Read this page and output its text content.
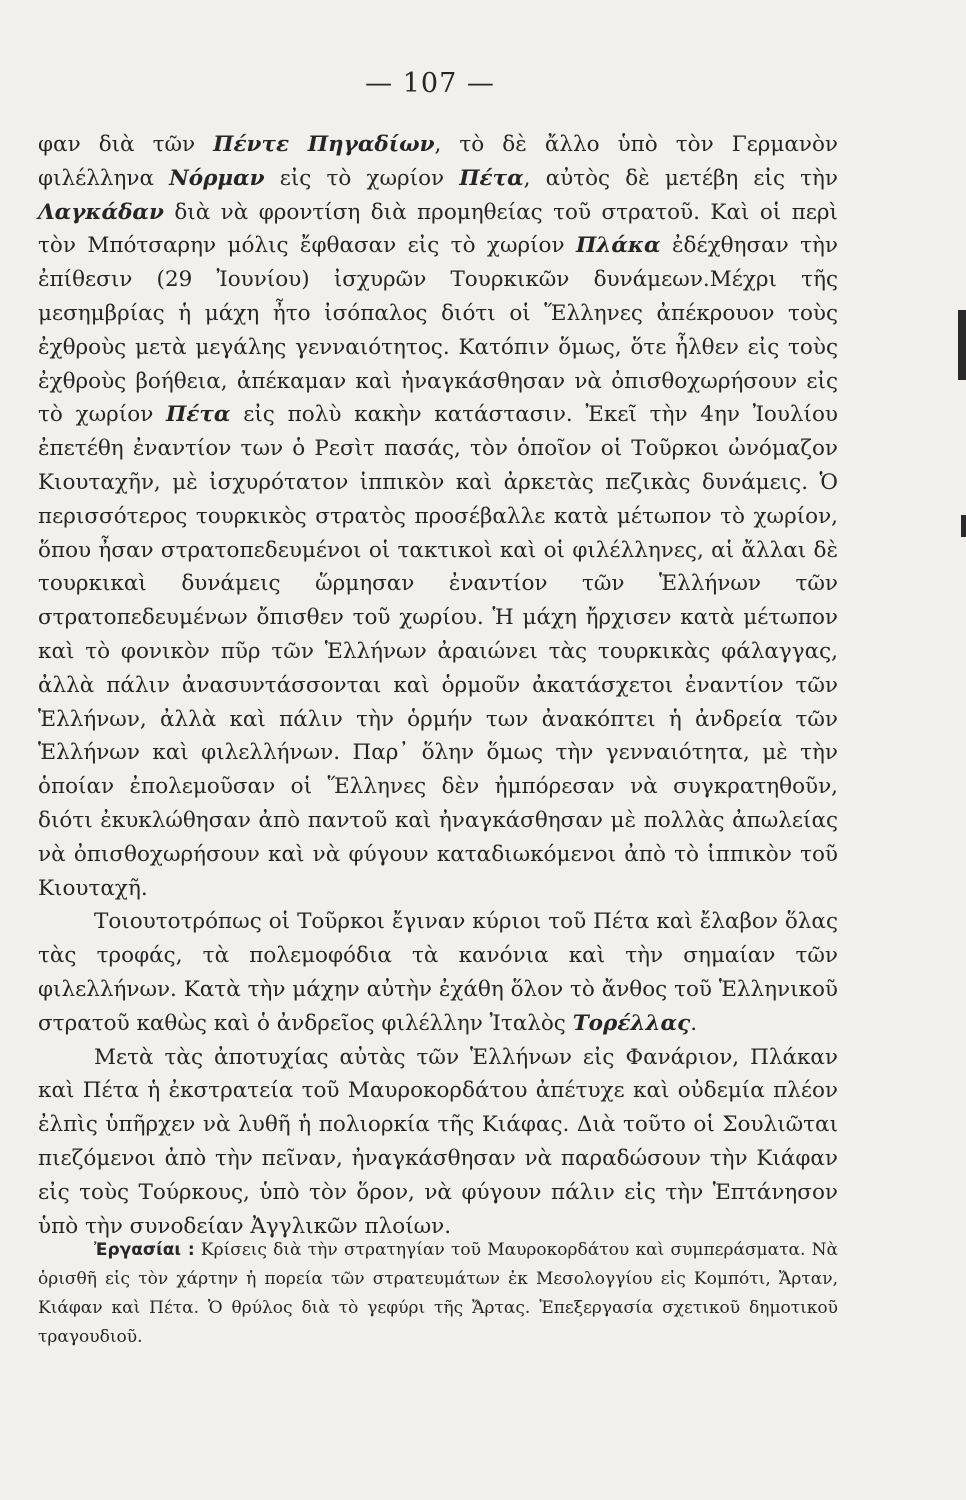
— 107 —

φαν διὰ τῶν Πέντε Πηγαδίων, τὸ δὲ ἄλλο ὑπὸ τὸν Γερμανὸν φιλέλληνα Νόρμαν εἰς τὸ χωρίον Πέτα, αὐτὸς δὲ μετέβη εἰς τὴν Λαγκάδαν διὰ νὰ φροντίση διὰ προμηθείας τοῦ στρατοῦ. Καὶ οἱ περὶ τὸν Μπότσαρην μόλις ἔφθασαν εἰς τὸ χωρίον Πλάκα ἐδέχθησαν τὴν ἐπίθεσιν (29 Ἰουνίου) ἰσχυρῶν Τουρκικῶν δυνάμεων.Μέχρι τῆς μεσημβρίας ἡ μάχη ἦτο ἰσόπαλος διότι οἱ Ἕλληνες ἀπέκρουον τοὺς ἐχθροὺς μετὰ μεγάλης γενναιότητος. Κατόπιν ὅμως, ὅτε ἦλθεν εἰς τοὺς ἐχθροὺς βοήθεια, ἀπέκαμαν καὶ ἠναγκάσθησαν νὰ ὀπισθοχωρήσουν εἰς τὸ χωρίον Πέτα εἰς πολὺ κακὴν κατάστασιν. Ἐκεῖ τὴν 4ην Ἰουλίου ἐπετέθη ἐναντίον των ὁ Ρεσὶτ πασάς, τὸν ὁποῖον οἱ Τοῦρκοι ὠνόμαζον Κιουταχῆν, μὲ ἰσχυρότατον ἱππικὸν καὶ ἀρκετὰς πεζικὰς δυνάμεις. Ὁ περισσότερος τουρκικὸς στρατὸς προσέβαλλε κατὰ μέτωπον τὸ χωρίον, ὅπου ἦσαν στρατοπεδευμένοι οἱ τακτικοὶ καὶ οἱ φιλέλληνες, αἱ ἄλλαι δὲ τουρκικαὶ δυνάμεις ὥρμησαν ἐναντίον τῶν Ἑλλήνων τῶν στρατοπεδευμένων ὄπισθεν τοῦ χωρίου. Ἡ μάχη ἤρχισεν κατὰ μέτωπον καὶ τὸ φονικὸν πῦρ τῶν Ἑλλήνων ἀραιώνει τὰς τουρκικὰς φάλαγγας, ἀλλὰ πάλιν ἀνασυντάσσονται καὶ ὁρμοῦν ἀκατάσχετοι ἐναντίον τῶν Ἑλλήνων, ἀλλὰ καὶ πάλιν τὴν ὁρμήν των ἀνακόπτει ἡ ἀνδρεία τῶν Ἑλλήνων καὶ φιλελλήνων. Παρ᾽ ὅλην ὅμως τὴν γενναιότητα, μὲ τὴν ὁποίαν ἐπολεμοῦσαν οἱ Ἕλληνες δὲν ἠμπόρεσαν νὰ συγκρατηθοῦν, διότι ἐκυκλώθησαν ἀπὸ παντοῦ καὶ ἠναγκάσθησαν μὲ πολλὰς ἀπωλείας νὰ ὀπισθοχωρήσουν καὶ νὰ φύγουν καταδιωκόμενοι ἀπὸ τὸ ἱππικὸν τοῦ Κιουταχῆ.

Τοιουτοτρόπως οἱ Τοῦρκοι ἔγιναν κύριοι τοῦ Πέτα καὶ ἔλαβον ὅλας τὰς τροφάς, τὰ πολεμοφόδια τὰ κανόνια καὶ τὴν σημαίαν τῶν φιλελλήνων. Κατὰ τὴν μάχην αὐτὴν ἐχάθη ὅλον τὸ ἄνθος τοῦ Ἑλληνικοῦ στρατοῦ καθὼς καὶ ὁ ἀνδρεῖος φιλέλλην Ἰταλὸς Τορέλλας.

Μετὰ τὰς ἀποτυχίας αὐτὰς τῶν Ἑλλήνων εἰς Φανάριον, Πλάκαν καὶ Πέτα ἡ ἐκστρατεία τοῦ Μαυροκορδάτου ἀπέτυχε καὶ οὐδεμία πλέον ἐλπὶς ὑπῆρχεν νὰ λυθῆ ἡ πολιορκία τῆς Κιάφας. Διὰ τοῦτο οἱ Σουλιῶται πιεζόμενοι ἀπὸ τὴν πεῖναν, ἠναγκάσθησαν νὰ παραδώσουν τὴν Κιάφαν εἰς τοὺς Τούρκους, ὑπὸ τὸν ὅρον, νὰ φύγουν πάλιν εἰς τὴν Ἑπτάνησον ὑπὸ τὴν συνοδείαν Ἀγγλικῶν πλοίων.

Ἐργασίαι : Κρίσεις διὰ τὴν στρατηγίαν τοῦ Μαυροκορδάτου καὶ συμπεράσματα. Νὰ ὁρισθῆ εἰς τὸν χάρτην ἡ πορεία τῶν στρατευμάτων ἐκ Μεσολογγίου εἰς Κομπότι, Ἄρταν, Κιάφαν καὶ Πέτα. Ὁ θρύλος διὰ τὸ γεφύρι τῆς Ἄρτας. Ἐπεξεργασία σχετικοῦ δημοτικοῦ τραγουδιοῦ.
